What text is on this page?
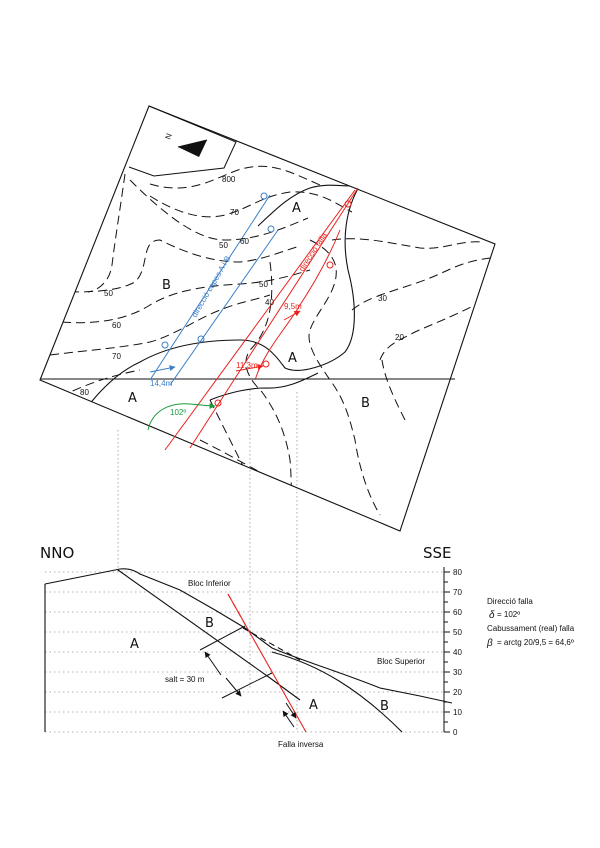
N
direcció capes A i B
14,4m
direcció falla
11,3m
9,5m
102º
A
B
A
A	B
800
70
60
50
50
60
70
80
40
50
30
20
NNO	SSE
80
70
60
50
40
30
20
10
0
salt = 30 m
Bloc Inferior
Bloc Superior
A
B
A	B
Falla inversa
Direcció falla
δ = 102º
Cabussament (real) falla
β = arctg 20/9,5 = 64,6º
